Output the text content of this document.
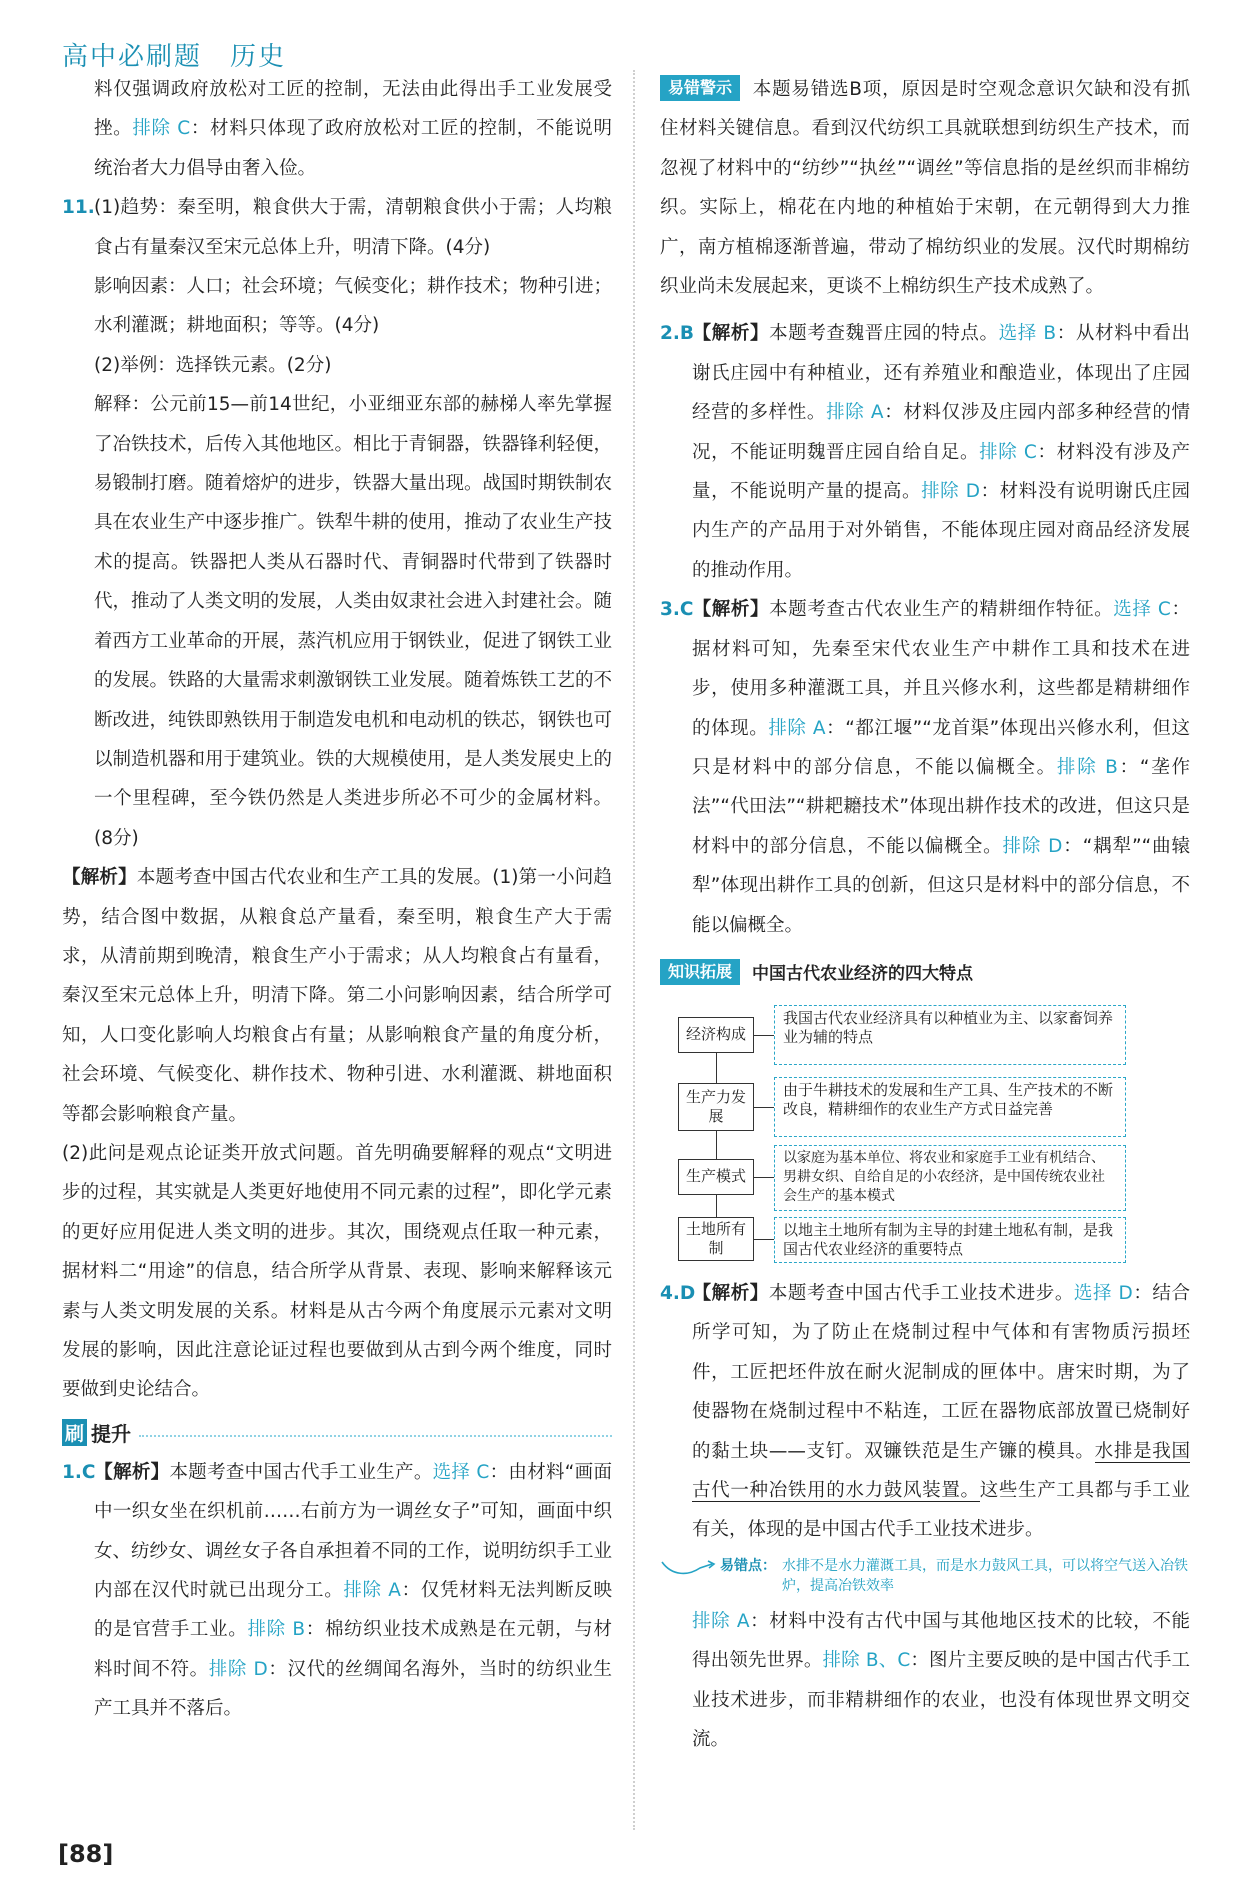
高中必刷题　历史

料仅强调政府放松对工匠的控制，无法由此得出手工业发展受挫。排除 C：材料只体现了政府放松对工匠的控制，不能说明统治者大力倡导由奢入俭。

11.(1)趋势：秦至明，粮食供大于需，清朝粮食供小于需；人均粮食占有量秦汉至宋元总体上升，明清下降。(4分)

影响因素：人口；社会环境；气候变化；耕作技术；物种引进；水利灌溉；耕地面积；等等。(4分)

(2)举例：选择铁元素。(2分)

解释：公元前15—前14世纪，小亚细亚东部的赫梯人率先掌握了冶铁技术，后传入其他地区。相比于青铜器，铁器锋利轻便，易锻制打磨。随着熔炉的进步，铁器大量出现。战国时期铁制农具在农业生产中逐步推广。铁犁牛耕的使用，推动了农业生产技术的提高。铁器把人类从石器时代、青铜器时代带到了铁器时代，推动了人类文明的发展，人类由奴隶社会进入封建社会。随着西方工业革命的开展，蒸汽机应用于钢铁业，促进了钢铁工业的发展。铁路的大量需求刺激钢铁工业发展。随着炼铁工艺的不断改进，纯铁即熟铁用于制造发电机和电动机的铁芯，钢铁也可以制造机器和用于建筑业。铁的大规模使用，是人类发展史上的一个里程碑，至今铁仍然是人类进步所必不可少的金属材料。(8分)

【解析】本题考查中国古代农业和生产工具的发展。(1)第一小问趋势，结合图中数据，从粮食总产量看，秦至明，粮食生产大于需求，从清前期到晚清，粮食生产小于需求；从人均粮食占有量看，秦汉至宋元总体上升，明清下降。第二小问影响因素，结合所学可知，人口变化影响人均粮食占有量；从影响粮食产量的角度分析，社会环境、气候变化、耕作技术、物种引进、水利灌溉、耕地面积等都会影响粮食产量。

(2)此问是观点论证类开放式问题。首先明确要解释的观点“文明进步的过程，其实就是人类更好地使用不同元素的过程”，即化学元素的更好应用促进人类文明的进步。其次，围绕观点任取一种元素，据材料二“用途”的信息，结合所学从背景、表现、影响来解释该元素与人类文明发展的关系。材料是从古今两个角度展示元素对文明发展的影响，因此注意论证过程也要做到从古到今两个维度，同时要做到史论结合。

刷 提升

1.C【解析】本题考查中国古代手工业生产。选择 C：由材料“画面中一织女坐在织机前……右前方为一调丝女子”可知，画面中织女、纺纱女、调丝女子各自承担着不同的工作，说明纺织手工业内部在汉代时就已出现分工。排除 A：仅凭材料无法判断反映的是官营手工业。排除 B：棉纺织业技术成熟是在元朝，与材料时间不符。排除 D：汉代的丝绸闻名海外，当时的纺织业生产工具并不落后。

易错警示 本题易错选B项，原因是时空观念意识欠缺和没有抓住材料关键信息。看到汉代纺织工具就联想到纺织生产技术，而忽视了材料中的“纺纱”“执丝”“调丝”等信息指的是丝织而非棉纺织。实际上，棉花在内地的种植始于宋朝，在元朝得到大力推广，南方植棉逐渐普遍，带动了棉纺织业的发展。汉代时期棉纺织业尚未发展起来，更谈不上棉纺织生产技术成熟了。

2.B【解析】本题考查魏晋庄园的特点。选择 B：从材料中看出谢氏庄园中有种植业，还有养殖业和酿造业，体现出了庄园经营的多样性。排除 A：材料仅涉及庄园内部多种经营的情况，不能证明魏晋庄园自给自足。排除 C：材料没有涉及产量，不能说明产量的提高。排除 D：材料没有说明谢氏庄园内生产的产品用于对外销售，不能体现庄园对商品经济发展的推动作用。

3.C【解析】本题考查古代农业生产的精耕细作特征。选择 C：据材料可知，先秦至宋代农业生产中耕作工具和技术在进步，使用多种灌溉工具，并且兴修水利，这些都是精耕细作的体现。排除 A：“都江堰”“龙首渠”体现出兴修水利，但这只是材料中的部分信息，不能以偏概全。排除 B：“垄作法”“代田法”“耕耙耱技术”体现出耕作技术的改进，但这只是材料中的部分信息，不能以偏概全。排除 D：“耦犁”“曲辕犁”体现出耕作工具的创新，但这只是材料中的部分信息，不能以偏概全。

知识拓展	中国古代农业经济的四大特点
经济构成
我国古代农业经济具有以种植业为主、以家畜饲养业为辅的特点
生产力发展
由于牛耕技术的发展和生产工具、生产技术的不断改良，精耕细作的农业生产方式日益完善
生产模式
以家庭为基本单位、将农业和家庭手工业有机结合、男耕女织、自给自足的小农经济，是中国传统农业社会生产的基本模式
土地所有制
以地主土地所有制为主导的封建土地私有制，是我国古代农业经济的重要特点

4.D【解析】本题考查中国古代手工业技术进步。选择 D：结合所学可知，为了防止在烧制过程中气体和有害物质污损坯件，工匠把坯件放在耐火泥制成的匣体中。唐宋时期，为了使器物在烧制过程中不粘连，工匠在器物底部放置已烧制好的黏土块——支钉。双镰铁范是生产镰的模具。水排是我国古代一种冶铁用的水力鼓风装置。这些生产工具都与手工业有关，体现的是中国古代手工业技术进步。

易错点： 水排不是水力灌溉工具，而是水力鼓风工具，可以将空气送入冶铁炉，提高冶铁效率

排除 A：材料中没有古代中国与其他地区技术的比较，不能得出领先世界。排除 B、C：图片主要反映的是中国古代手工业技术进步，而非精耕细作的农业，也没有体现世界文明交流。

[88]
